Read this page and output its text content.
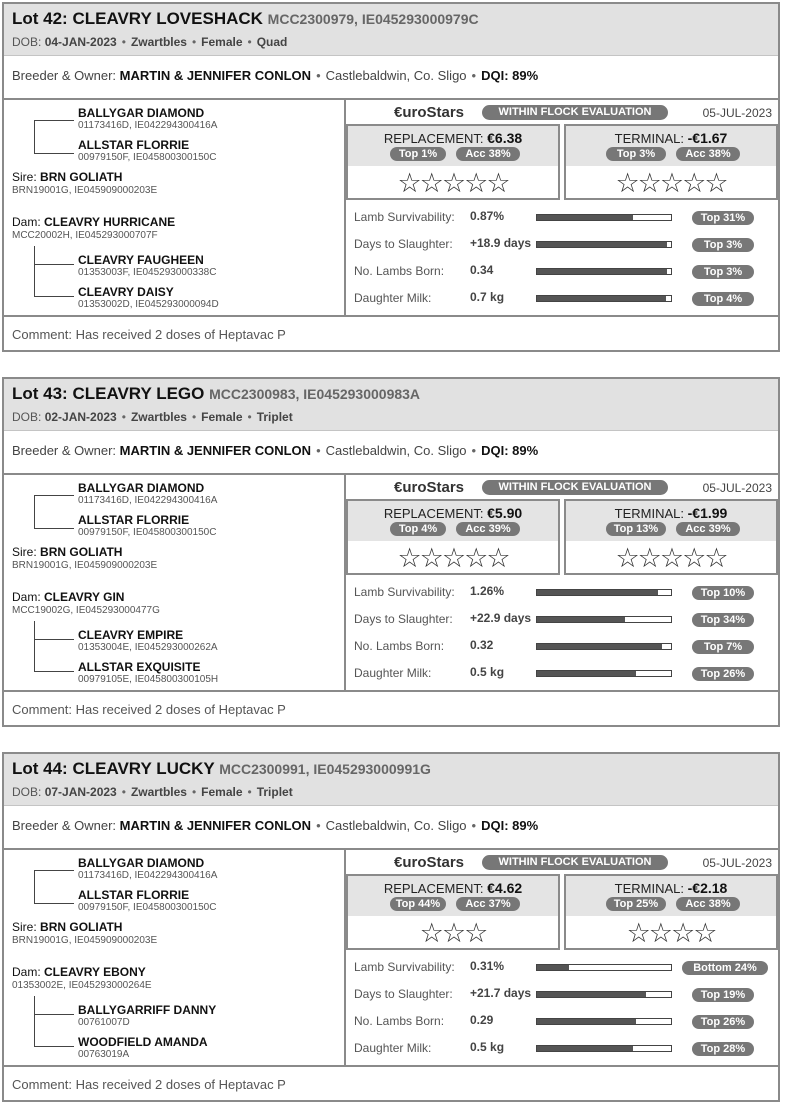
Lot 42: CLEAVRY LOVESHACK MCC2300979, IE045293000979C
DOB: 04-JAN-2023 • Zwartbles • Female • Quad
Breeder & Owner: MARTIN & JENNIFER CONLON • Castlebaldwin, Co. Sligo • DQI: 89%
BALLYGAR DIAMOND
01173416D, IE042294300416A
ALLSTAR FLORRIE
00979150F, IE045800300150C
Sire: BRN GOLIATH
BRN19001G, IE045909000203E
Dam: CLEAVRY HURRICANE
MCC20002H, IE045293000707F
CLEAVRY FAUGHEEN
01353003F, IE045293000338C
CLEAVRY DAISY
01353002D, IE045293000094D
€uroStars	WITHIN FLOCK EVALUATION	05-JUL-2023
REPLACEMENT: €6.38
Top 1%	Acc 38%
☆☆☆☆☆
TERMINAL: -€1.67
Top 3%	Acc 38%
☆☆☆☆☆
Lamb Survivability: 0.87%	Top 31%
Days to Slaughter: +18.9 days	Top 3%
No. Lambs Born: 0.34	Top 3%
Daughter Milk:	0.7 kg	Top 4%
Comment: Has received 2 doses of Heptavac P
Lot 43: CLEAVRY LEGO MCC2300983, IE045293000983A
DOB: 02-JAN-2023 • Zwartbles • Female • Triplet
Breeder & Owner: MARTIN & JENNIFER CONLON • Castlebaldwin, Co. Sligo • DQI: 89%
BALLYGAR DIAMOND
01173416D, IE042294300416A
ALLSTAR FLORRIE
00979150F, IE045800300150C
Sire: BRN GOLIATH
BRN19001G, IE045909000203E
Dam: CLEAVRY GIN
MCC19002G, IE045293000477G
CLEAVRY EMPIRE
01353004E, IE045293000262A
ALLSTAR EXQUISITE
00979105E, IE045800300105H
€uroStars	WITHIN FLOCK EVALUATION	05-JUL-2023
REPLACEMENT: €5.90
Top 4%	Acc 39%
☆☆☆☆☆
TERMINAL: -€1.99
Top 13%	Acc 39%
☆☆☆☆☆
Lamb Survivability: 1.26%	Top 10%
Days to Slaughter: +22.9 days	Top 34%
No. Lambs Born: 0.32	Top 7%
Daughter Milk:	0.5 kg	Top 26%
Comment: Has received 2 doses of Heptavac P
Lot 44: CLEAVRY LUCKY MCC2300991, IE045293000991G
DOB: 07-JAN-2023 • Zwartbles • Female • Triplet
Breeder & Owner: MARTIN & JENNIFER CONLON • Castlebaldwin, Co. Sligo • DQI: 89%
BALLYGAR DIAMOND
01173416D, IE042294300416A
ALLSTAR FLORRIE
00979150F, IE045800300150C
Sire: BRN GOLIATH
BRN19001G, IE045909000203E
Dam: CLEAVRY EBONY
01353002E, IE045293000264E
BALLYGARRIFF DANNY
00761007D
WOODFIELD AMANDA
00763019A
€uroStars	WITHIN FLOCK EVALUATION	05-JUL-2023
REPLACEMENT: €4.62
Top 44%	Acc 37%
☆☆☆
TERMINAL: -€2.18
Top 25%	Acc 38%
☆☆☆☆
Lamb Survivability: 0.31%	Bottom 24%
Days to Slaughter: +21.7 days	Top 19%
No. Lambs Born: 0.29	Top 26%
Daughter Milk:	0.5 kg	Top 28%
Comment: Has received 2 doses of Heptavac P
